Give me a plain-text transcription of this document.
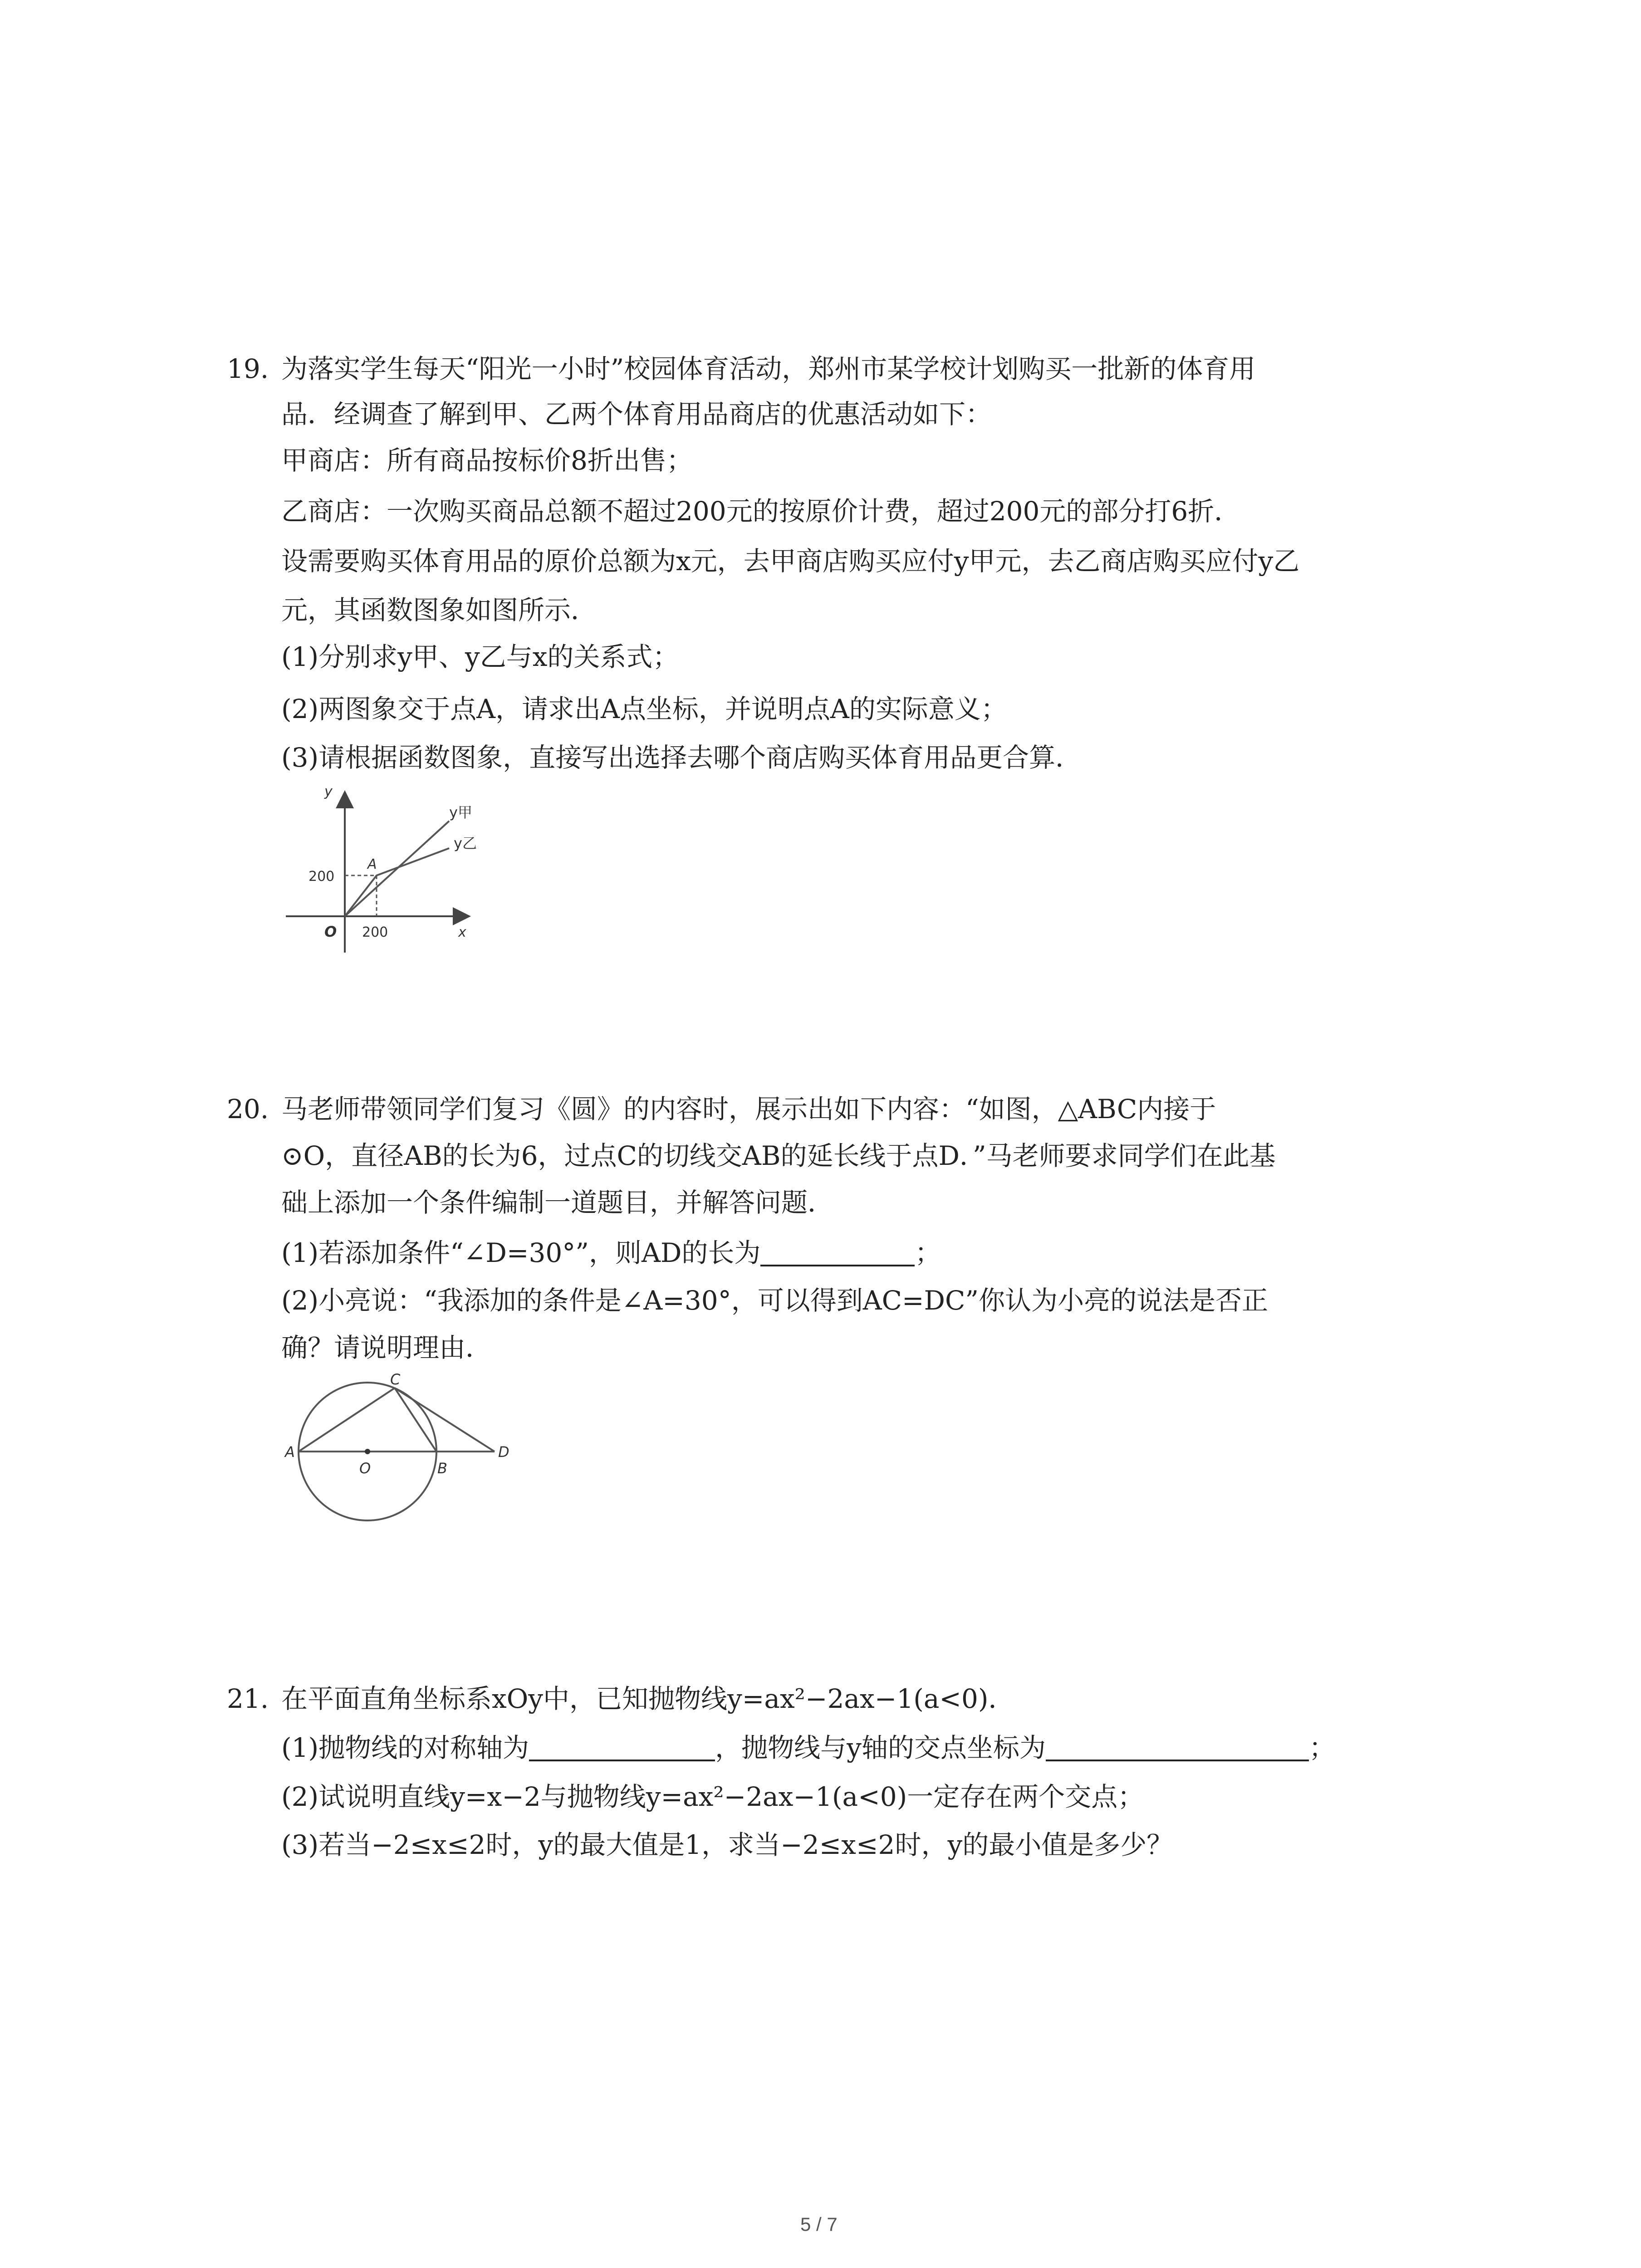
19. 为落实学生每天“阳光一小时”校园体育活动，郑州市某学校计划购买一批新的体育用
品．经调查了解到甲、乙两个体育用品商店的优惠活动如下：
甲商店：所有商品按标价8折出售；
乙商店：一次购买商品总额不超过200元的按原价计费，超过200元的部分打6折．
设需要购买体育用品的原价总额为x元，去甲商店购买应付y甲元，去乙商店购买应付y乙
元，其函数图象如图所示．
(1)分别求y甲、y乙与x的关系式；
(2)两图象交于点A，请求出A点坐标，并说明点A的实际意义；
(3)请根据函数图象，直接写出选择去哪个商店购买体育用品更合算．
y
x
O
200
200
A
y甲
y乙
20. 马老师带领同学们复习《圆》的内容时，展示出如下内容：“如图，△ABC内接于
⊙O，直径AB的长为6，过点C的切线交AB的延长线于点D．”马老师要求同学们在此基
础上添加一个条件编制一道题目，并解答问题．
(1)若添加条件“∠D=30°”，则AD的长为	；
(2)小亮说：“我添加的条件是∠A=30°，可以得到AC=DC”你认为小亮的说法是否正
确？请说明理由．
A
O	B
C
D
21. 在平面直角坐标系xOy中，已知抛物线y=ax²−2ax−1(a<0)．
(1)抛物线的对称轴为	，抛物线与y轴的交点坐标为	；
(2)试说明直线y=x−2与抛物线y=ax²−2ax−1(a<0)一定存在两个交点；
(3)若当−2≤x≤2时，y的最大值是1，求当−2≤x≤2时，y的最小值是多少？
5 / 7
